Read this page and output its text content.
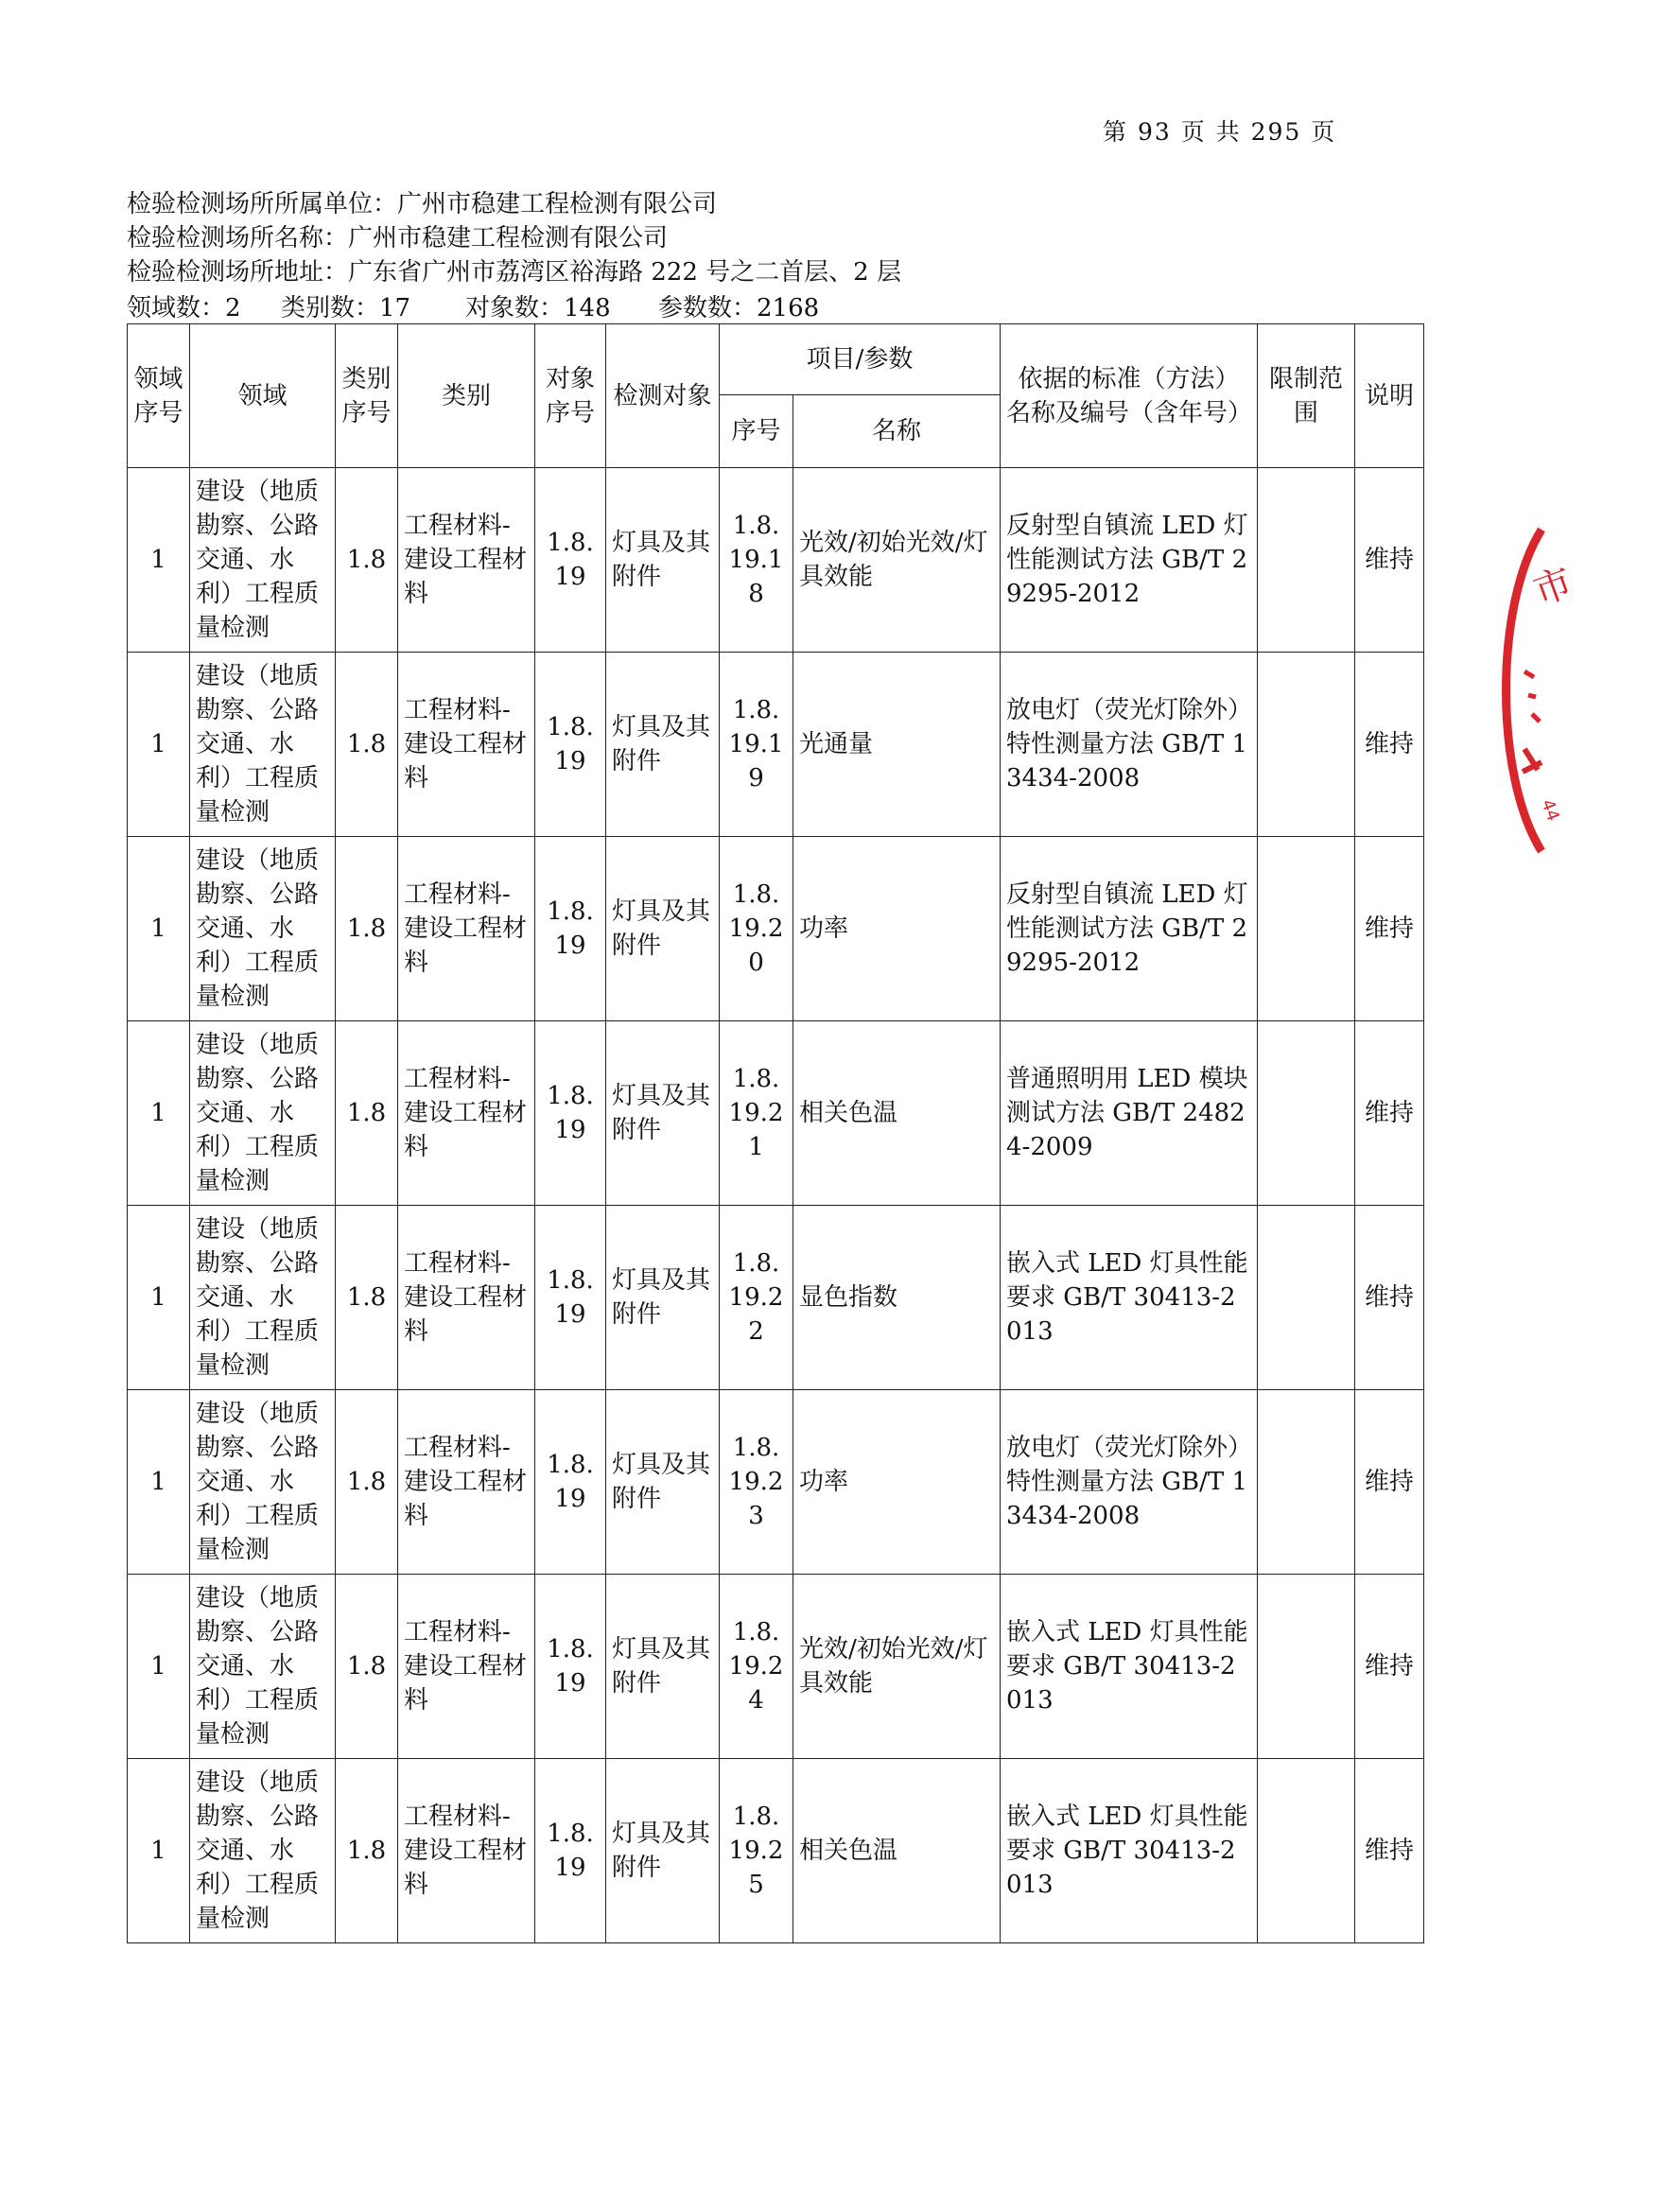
第 93 页 共 295 页
检验检测场所所属单位：广州市稳建工程检测有限公司
检验检测场所名称：广州市稳建工程检测有限公司
检验检测场所地址：广东省广州市荔湾区裕海路 222 号之二首层、2 层
领域数：2 类别数：17 对象数：148 参数数：2168
领域序号	领域	类别序号	类别	对象序号	检测对象	项目/参数		依据的标准（方法）名称及编号（含年号）	限制范围	说明
						序号	名称			
1	建设（地质勘察、公路交通、水利）工程质量检测	1.8	工程材料-建设工程材料	1.8.19	灯具及其附件	1.8.19.18	光效/初始光效/灯具效能	反射型自镇流 LED 灯性能测试方法 GB/T 29295-2012		维持
1	建设（地质勘察、公路交通、水利）工程质量检测	1.8	工程材料-建设工程材料	1.8.19	灯具及其附件	1.8.19.19	光通量	放电灯（荧光灯除外）特性测量方法 GB/T 13434-2008		维持
1	建设（地质勘察、公路交通、水利）工程质量检测	1.8	工程材料-建设工程材料	1.8.19	灯具及其附件	1.8.19.20	功率	反射型自镇流 LED 灯性能测试方法 GB/T 29295-2012		维持
1	建设（地质勘察、公路交通、水利）工程质量检测	1.8	工程材料-建设工程材料	1.8.19	灯具及其附件	1.8.19.21	相关色温	普通照明用 LED 模块测试方法 GB/T 24824-2009		维持
1	建设（地质勘察、公路交通、水利）工程质量检测	1.8	工程材料-建设工程材料	1.8.19	灯具及其附件	1.8.19.22	显色指数	嵌入式 LED 灯具性能要求 GB/T 30413-2013		维持
1	建设（地质勘察、公路交通、水利）工程质量检测	1.8	工程材料-建设工程材料	1.8.19	灯具及其附件	1.8.19.23	功率	放电灯（荧光灯除外）特性测量方法 GB/T 13434-2008		维持
1	建设（地质勘察、公路交通、水利）工程质量检测	1.8	工程材料-建设工程材料	1.8.19	灯具及其附件	1.8.19.24	光效/初始光效/灯具效能	嵌入式 LED 灯具性能要求 GB/T 30413-2013		维持
1	建设（地质勘察、公路交通、水利）工程质量检测	1.8	工程材料-建设工程材料	1.8.19	灯具及其附件	1.8.19.25	相关色温	嵌入式 LED 灯具性能要求 GB/T 30413-2013		维持
市
44
